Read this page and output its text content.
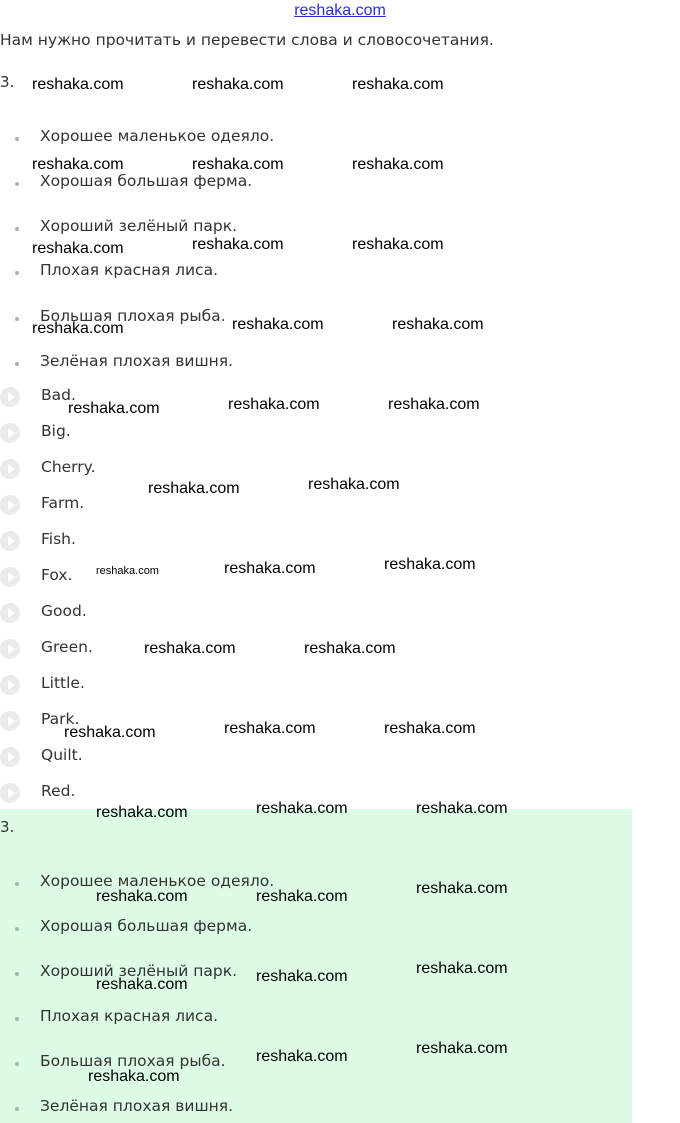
reshaka.com
Нам нужно прочитать и перевести слова и словосочетания.
3.
Хорошее маленькое одеяло.
Хорошая большая ферма.
Хороший зелёный парк.
Плохая красная лиса.
Большая плохая рыба.
Зелёная плохая вишня.
Bad.
Big.
Cherry.
Farm.
Fish.
Fox.
Good.
Green.
Little.
Park.
Quilt.
Red.
3.
Хорошее маленькое одеяло.
Хорошая большая ферма.
Хороший зелёный парк.
Плохая красная лиса.
Большая плохая рыба.
Зелёная плохая вишня.
reshaka.com	reshaka.com	reshaka.com
reshaka.com	reshaka.com	reshaka.com
reshaka.com	reshaka.com	reshaka.com
reshaka.com	reshaka.com	reshaka.com
reshaka.com	reshaka.com	reshaka.com
reshaka.com	reshaka.com
reshaka.com	reshaka.com	reshaka.com
reshaka.com	reshaka.com
reshaka.com	reshaka.com	reshaka.com
reshaka.com	reshaka.com	reshaka.com
reshaka.com	reshaka.com	reshaka.com
reshaka.com	reshaka.com	reshaka.com
reshaka.com	reshaka.com
reshaka.com
